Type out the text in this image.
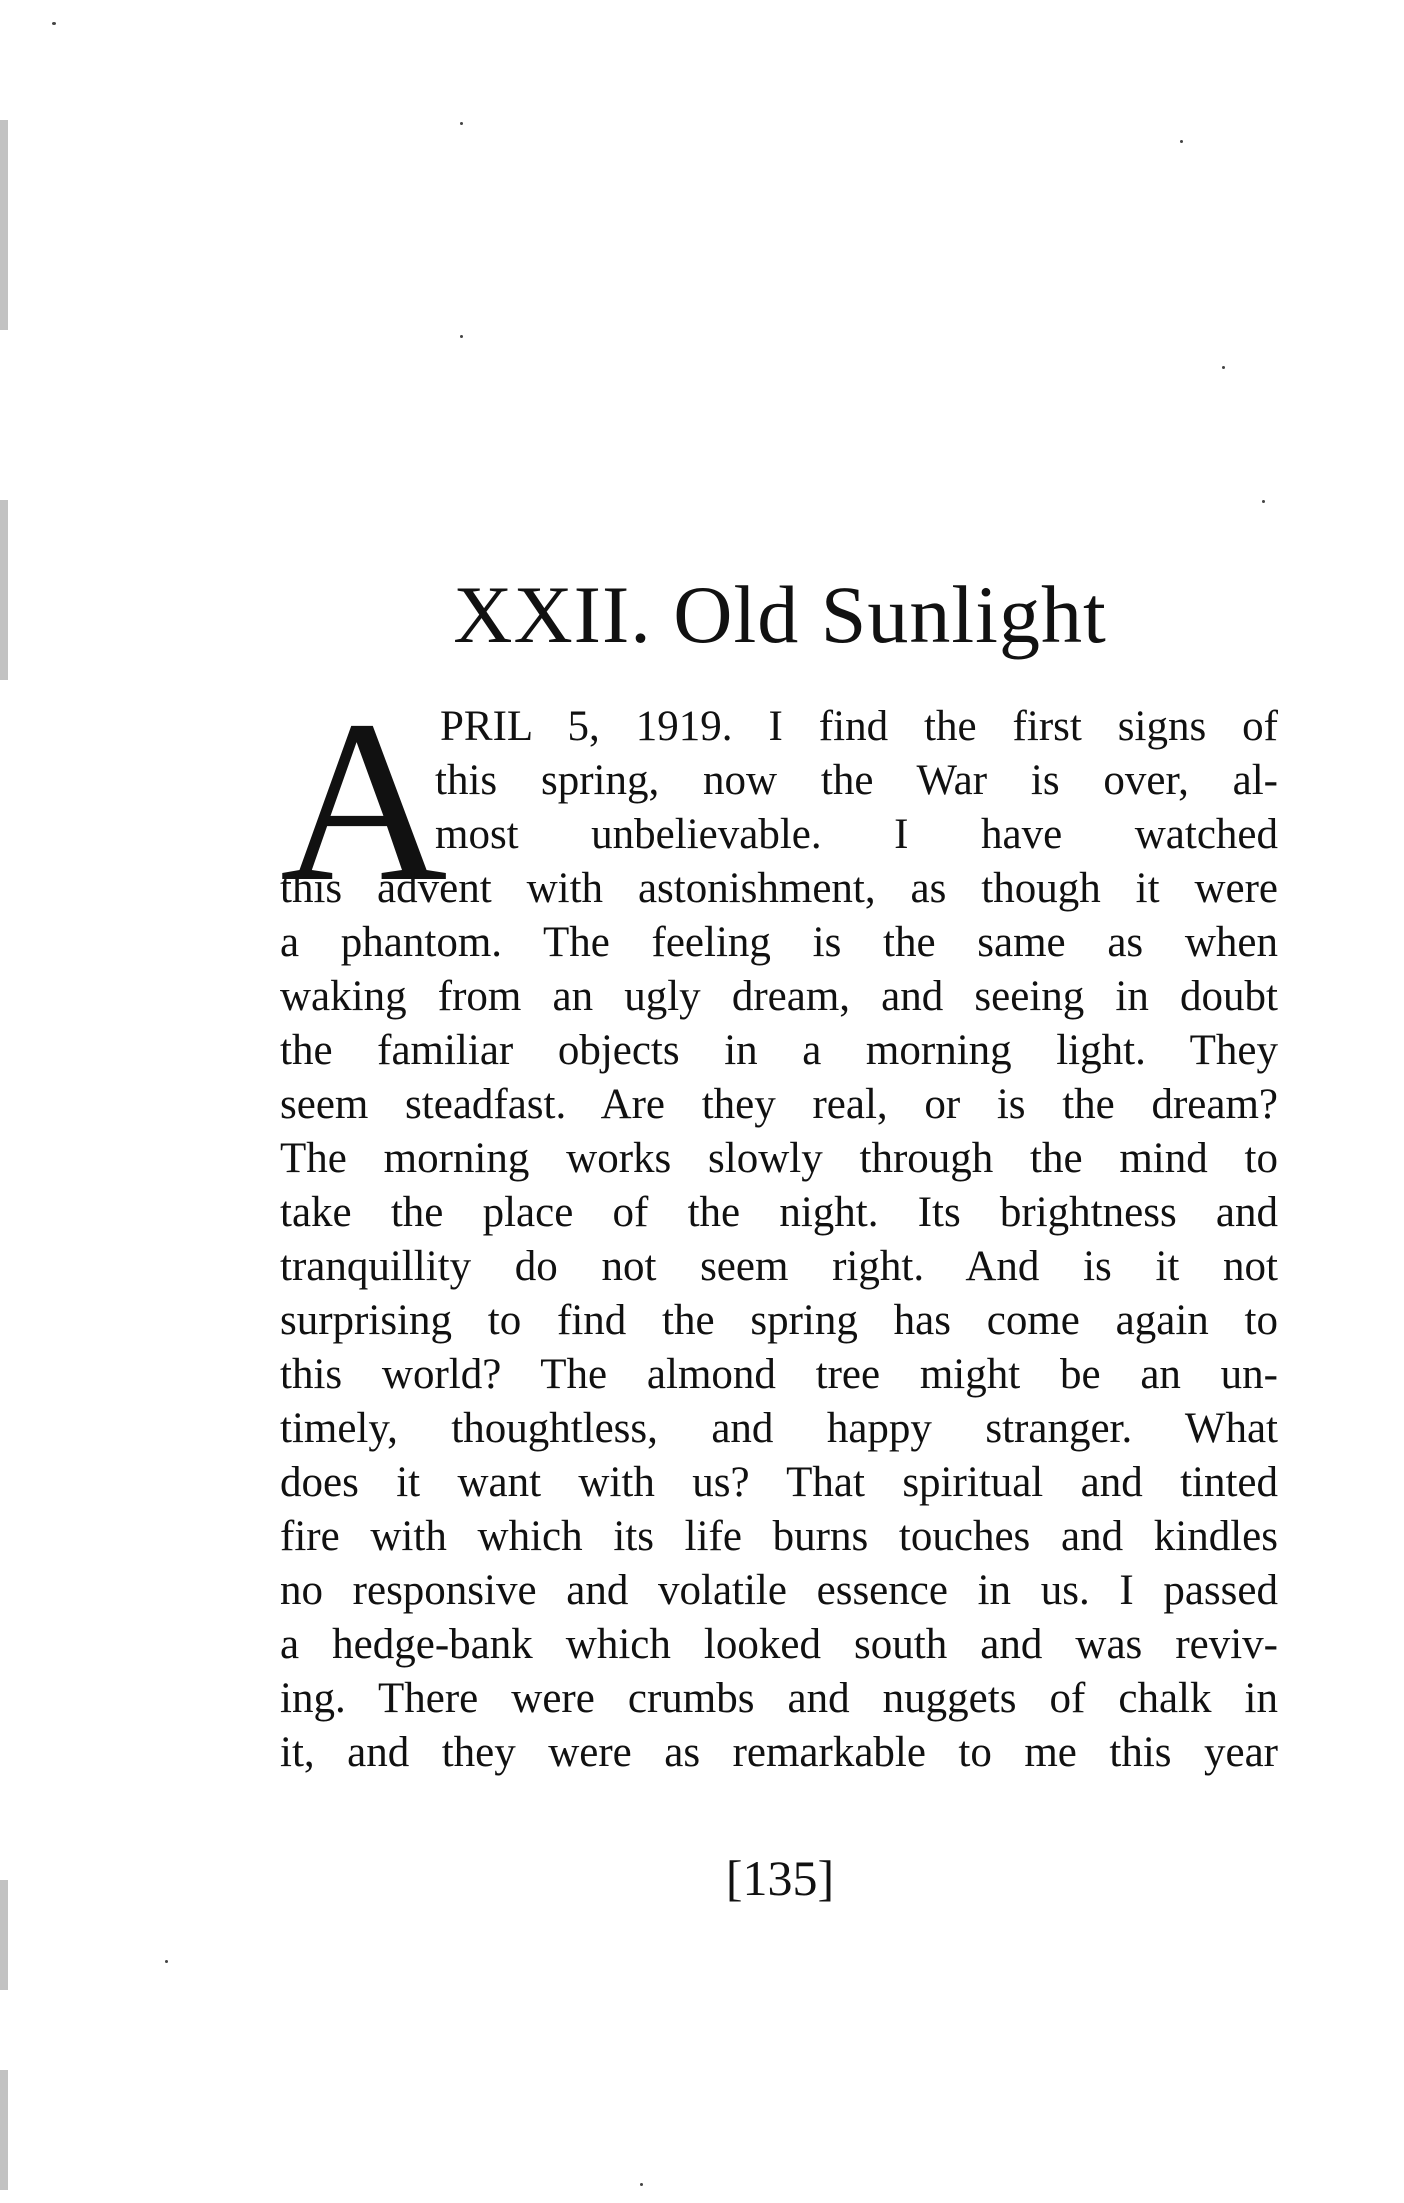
XXII. Old Sunlight
A
PRIL 5, 1919. I find the first signs of
this spring, now the War is over, al-
most unbelievable. I have watched
this advent with astonishment, as though it were
a phantom. The feeling is the same as when
waking from an ugly dream, and seeing in doubt
the familiar objects in a morning light. They
seem steadfast. Are they real, or is the dream?
The morning works slowly through the mind to
take the place of the night. Its brightness and
tranquillity do not seem right. And is it not
surprising to find the spring has come again to
this world? The almond tree might be an un-
timely, thoughtless, and happy stranger. What
does it want with us? That spiritual and tinted
fire with which its life burns touches and kindles
no responsive and volatile essence in us. I passed
a hedge-bank which looked south and was reviv-
ing. There were crumbs and nuggets of chalk in
it, and they were as remarkable to me this year

[135]
